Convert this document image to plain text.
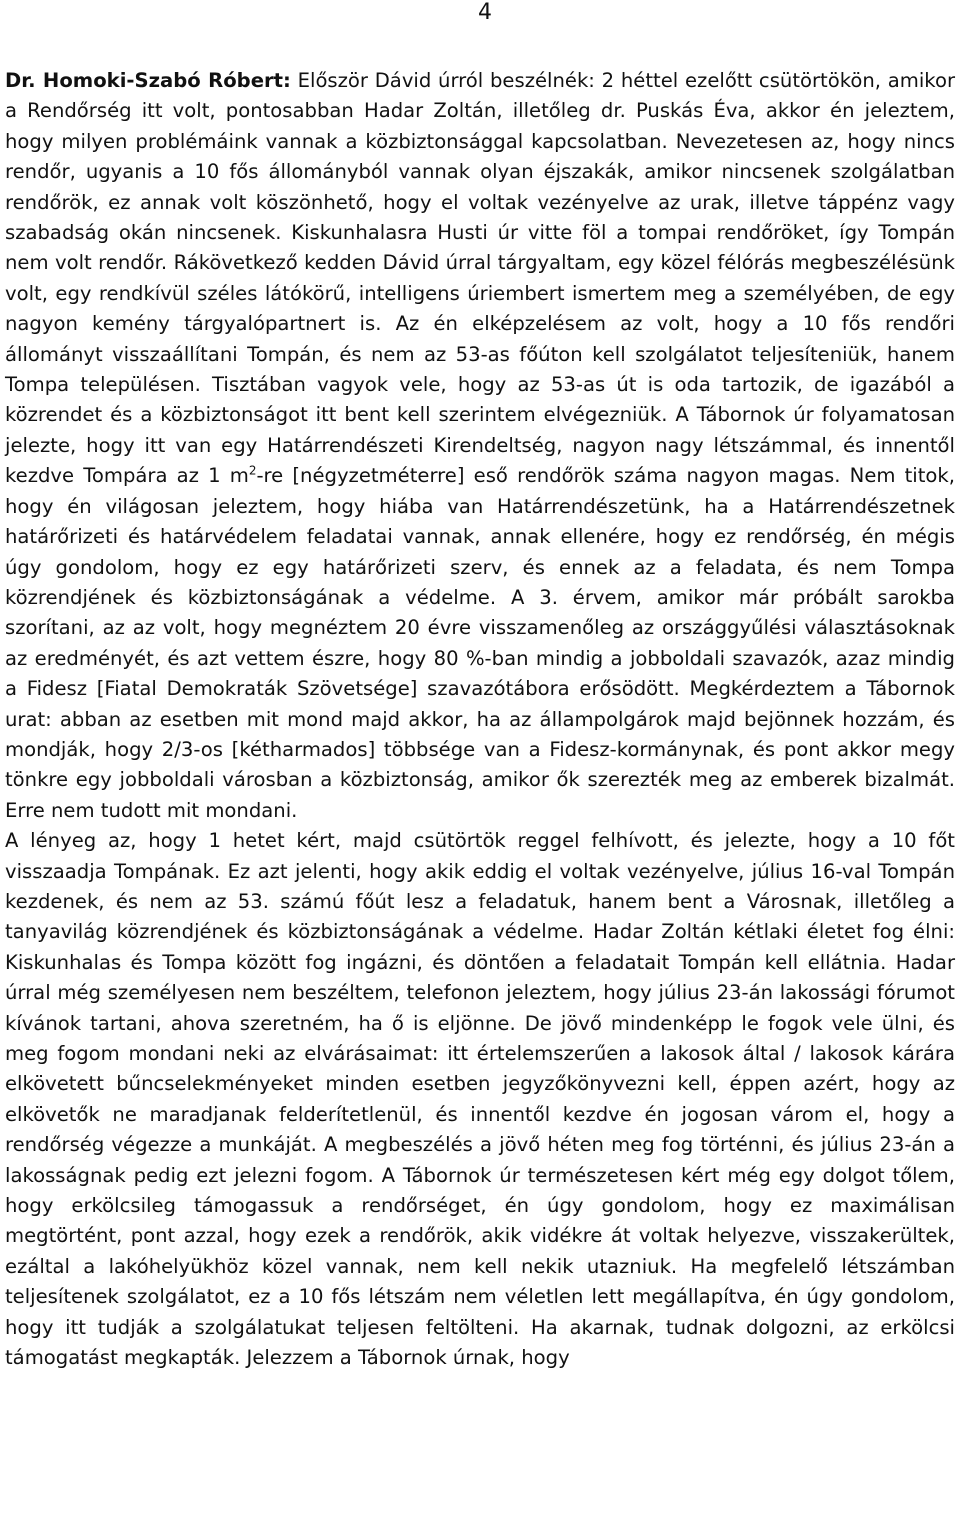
4

Dr. Homoki-Szabó Róbert: Először Dávid úrról beszélnék: 2 héttel ezelőtt csütörtökön, amikor a Rendőrség itt volt, pontosabban Hadar Zoltán, illetőleg dr. Puskás Éva, akkor én jeleztem, hogy milyen problémáink vannak a közbiztonsággal kapcsolatban. Nevezetesen az, hogy nincs rendőr, ugyanis a 10 fős állományból vannak olyan éjszakák, amikor nincsenek szolgálatban rendőrök, ez annak volt köszönhető, hogy el voltak vezényelve az urak, illetve táppénz vagy szabadság okán nincsenek. Kiskunhalasra Husti úr vitte föl a tompai rendőröket, így Tompán nem volt rendőr. Rákövetkező kedden Dávid úrral tárgyaltam, egy közel félórás megbeszélésünk volt, egy rendkívül széles látókörű, intelligens úriembert ismertem meg a személyében, de egy nagyon kemény tárgyalópartnert is. Az én elképzelésem az volt, hogy a 10 fős rendőri állományt visszaállítani Tompán, és nem az 53-as főúton kell szolgálatot teljesíteniük, hanem Tompa településen. Tisztában vagyok vele, hogy az 53-as út is oda tartozik, de igazából a közrendet és a közbiztonságot itt bent kell szerintem elvégezniük. A Tábornok úr folyamatosan jelezte, hogy itt van egy Határrendészeti Kirendeltség, nagyon nagy létszámmal, és innentől kezdve Tompára az 1 $m^2-re$ [négyzetméterre] eső rendőrök száma nagyon magas. Nem titok, hogy én világosan jeleztem, hogy hiába van Határrendészetünk, ha a Határrendészetnek határőrizeti és határvédelem feladatai vannak, annak ellenére, hogy ez rendőrség, én mégis úgy gondolom, hogy ez egy határőrizeti szerv, és ennek az a feladata, és nem Tompa közrendjének és közbiztonságának a védelme. A 3. érvem, amikor már próbált sarokba szorítani, az az volt, hogy megnéztem 20 évre visszamenőleg az országgyűlési választásoknak az eredményét, és azt vettem észre, hogy 80 %-ban mindig a jobboldali szavazók, azaz mindig a Fidesz [Fiatal Demokraták Szövetsége] szavazótábora erősödött. Megkérdeztem a Tábornok urat: abban az esetben mit mond majd akkor, ha az állampolgárok majd bejönnek hozzám, és mondják, hogy 2/3-os [kétharmados] többsége van a Fidesz-kormánynak, és pont akkor megy tönkre egy jobboldali városban a közbiztonság, amikor ők szerezték meg az emberek bizalmát. Erre nem tudott mit mondani.

A lényeg az, hogy 1 hetet kért, majd csütörtök reggel felhívott, és jelezte, hogy a 10 főt visszaadja Tompának. Ez azt jelenti, hogy akik eddig el voltak vezényelve, július 16-val Tompán kezdenek, és nem az 53. számú főút lesz a feladatuk, hanem bent a Városnak, illetőleg a tanyavilág közrendjének és közbiztonságának a védelme. Hadar Zoltán kétlaki életet fog élni: Kiskunhalas és Tompa között fog ingázni, és döntően a feladatait Tompán kell ellátnia. Hadar úrral még személyesen nem beszéltem, telefonon jeleztem, hogy július 23-án lakossági fórumot kívánok tartani, ahova szeretném, ha ő is eljönne. De jövő mindenképp le fogok vele ülni, és meg fogom mondani neki az elvárásaimat: itt értelemszerűen a lakosok által / lakosok kárára elkövetett bűncselekményeket minden esetben jegyzőkönyvezni kell, éppen azért, hogy az elkövetők ne maradjanak felderítetlenül, és innentől kezdve én jogosan várom el, hogy a rendőrség végezze a munkáját. A megbeszélés a jövő héten meg fog történni, és július 23-án a lakosságnak pedig ezt jelezni fogom. A Tábornok úr természetesen kért még egy dolgot tőlem, hogy erkölcsileg támogassuk a rendőrséget, én úgy gondolom, hogy ez maximálisan megtörtént, pont azzal, hogy ezek a rendőrök, akik vidékre át voltak helyezve, visszakerültek, ezáltal a lakóhelyükhöz közel vannak, nem kell nekik utazniuk. Ha megfelelő létszámban teljesítenek szolgálatot, ez a 10 fős létszám nem véletlen lett megállapítva, én úgy gondolom, hogy itt tudják a szolgálatukat teljesen feltölteni. Ha akarnak, tudnak dolgozni, az erkölcsi támogatást megkapták. Jelezzem a Tábornok úrnak, hogy
